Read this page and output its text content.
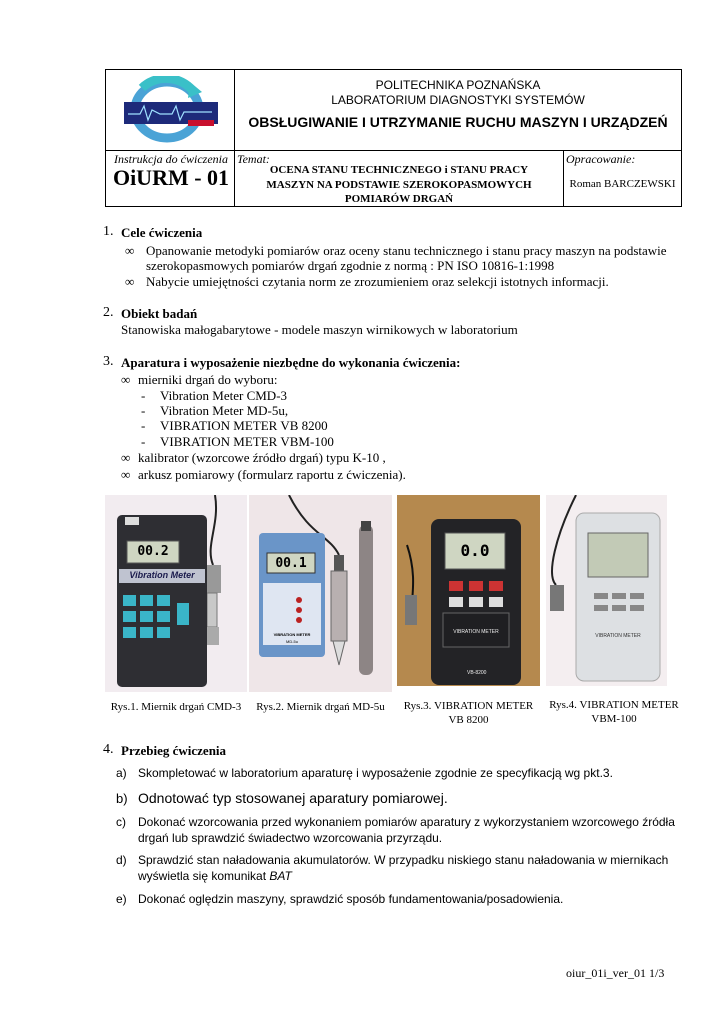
POLITECHNIKA POZNAŃSKA
LABORATORIUM DIAGNOSTYKI SYSTEMÓW
OBSŁUGIWANIE I UTRZYMANIE RUCHU MASZYN I URZĄDZEŃ
Instrukcja do ćwiczenia
OiURM - 01
Temat:
OCENA STANU TECHNICZNEGO i STANU PRACY
MASZYN NA PODSTAWIE SZEROKOPASMOWYCH
POMIARÓW DRGAŃ
Opracowanie:
Roman BARCZEWSKI
1. Cele ćwiczenia
∞ Opanowanie metodyki pomiarów oraz oceny stanu technicznego i stanu pracy maszyn na podstawie
szerokopasmowych pomiarów drgań zgodnie z normą : PN ISO 10816-1:1998
∞ Nabycie umiejętności czytania norm ze zrozumieniem oraz selekcji istotnych informacji.
2. Obiekt badań
Stanowiska małogabarytowe - modele maszyn wirnikowych w laboratorium
3. Aparatura i wyposażenie niezbędne do wykonania ćwiczenia:
∞ mierniki drgań do wyboru:
- Vibration Meter CMD-3
- Vibration Meter MD-5u,
- VIBRATION METER VB 8200
- VIBRATION METER VBM-100
∞ kalibrator (wzorcowe źródło drgań) typu K-10 ,
∞ arkusz pomiarowy (formularz raportu z ćwiczenia).
00.2
Vibration Meter
Rys.1. Miernik drgań CMD-3
00.1
VIBRATION METER
MD-5u
Rys.2. Miernik drgań MD-5u
0.0
VIBRATION METER
VB-8200
Rys.3. VIBRATION METER
VB 8200
VIBRATION METER
Rys.4. VIBRATION METER
VBM-100
4. Przebieg ćwiczenia
a) Skompletować w laboratorium aparaturę i wyposażenie zgodnie ze specyfikacją wg pkt.3.
b) Odnotować typ stosowanej aparatury pomiarowej.
c) Dokonać wzorcowania przed wykonaniem pomiarów aparatury z wykorzystaniem wzorcowego źródła
drgań lub sprawdzić świadectwo wzorcowania przyrządu.
d) Sprawdzić stan naładowania akumulatorów. W przypadku niskiego stanu naładowania w miernikach
wyświetla się komunikat BAT
e) Dokonać oględzin maszyny, sprawdzić sposób fundamentowania/posadowienia.
oiur_01i_ver_01 1/3
